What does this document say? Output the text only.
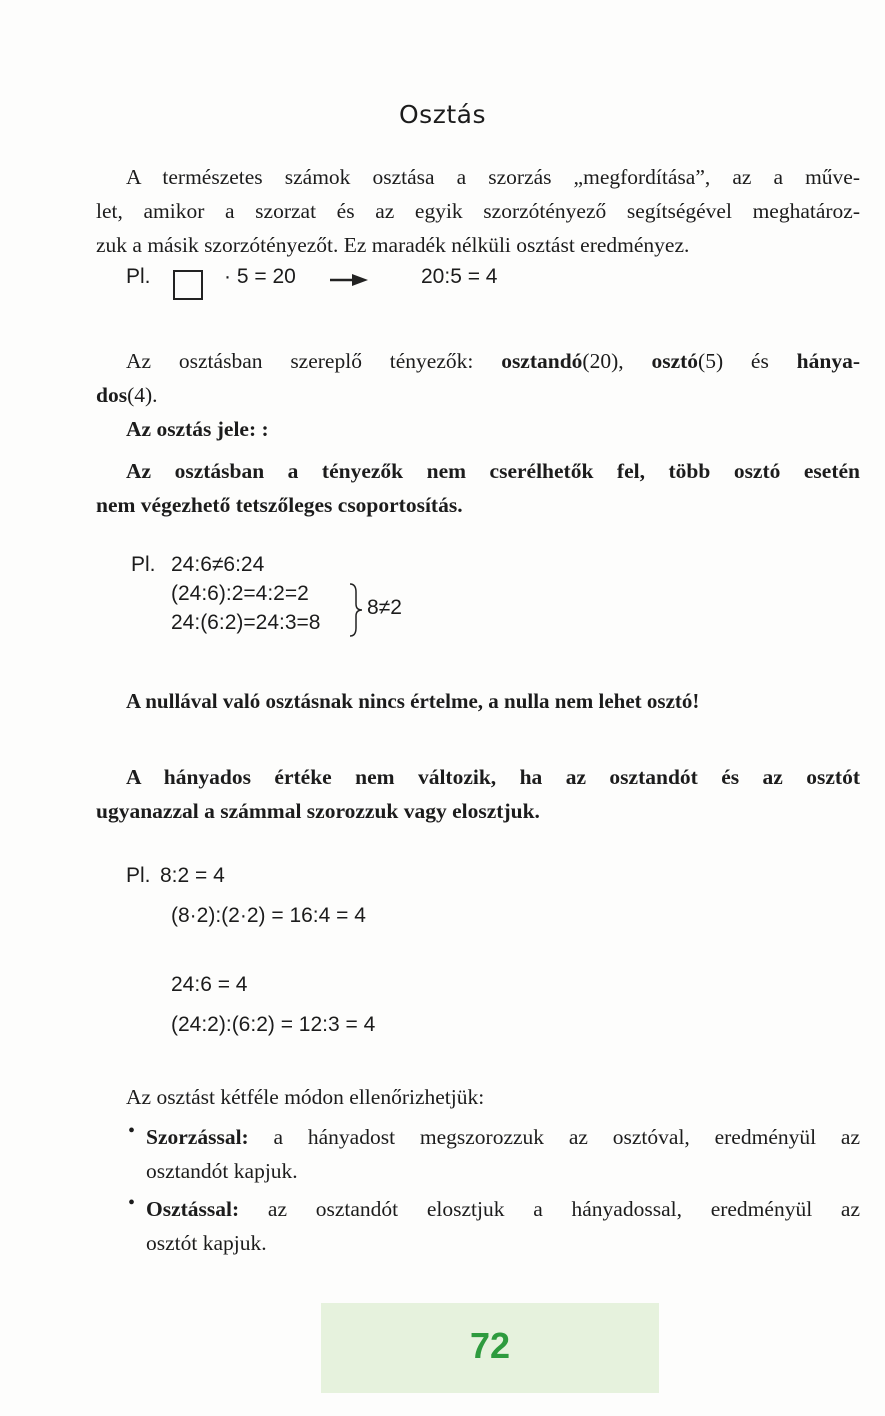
Osztás
A természetes számok osztása a szorzás „megfordítása”, az a műve-
let, amikor a szorzat és az egyik szorzótényező segítségével meghatároz-
zuk a másik szorzótényezőt. Ez maradék nélküli osztást eredményez.
Pl.	· 5 = 20	20:5 = 4
Az osztásban szereplő tényezők: osztandó(20), osztó(5) és hánya-
dos(4).
Az osztás jele: :
Az osztásban a tényezők nem cserélhetők fel, több osztó esetén
nem végezhető tetszőleges csoportosítás.
Pl. 24:6≠6:24
(24:6):2=4:2=2
24:(6:2)=24:3=8
8≠2
A nullával való osztásnak nincs értelme, a nulla nem lehet osztó!
A hányados értéke nem változik, ha az osztandót és az osztót
ugyanazzal a számmal szorozzuk vagy elosztjuk.
Pl. 8:2 = 4
(8·2):(2·2) = 16:4 = 4
24:6 = 4
(24:2):(6:2) = 12:3 = 4
Az osztást kétféle módon ellenőrizhetjük:
• Szorzással: a hányadost megszorozzuk az osztóval, eredményül az
osztandót kapjuk.
• Osztással: az osztandót elosztjuk a hányadossal, eredményül az
osztót kapjuk.
72
